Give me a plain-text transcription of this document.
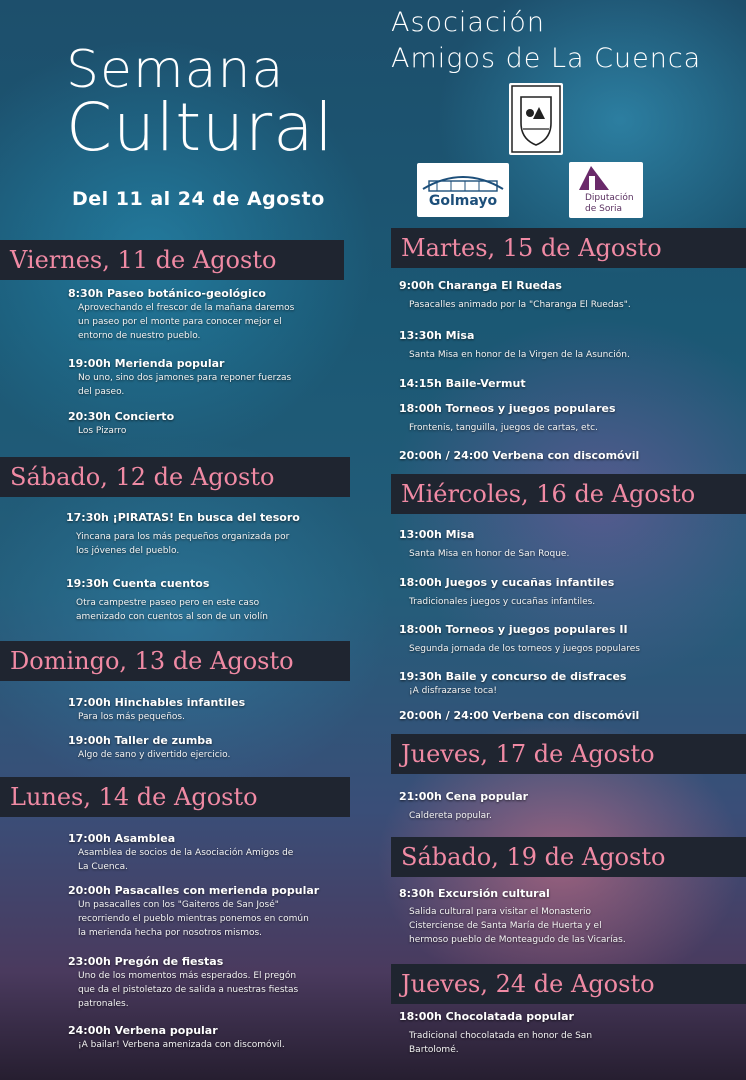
Semana
Cultural
Del 11 al 24 de Agosto
Asociación
Amigos de La Cuenca
Golmayo	Diputación
de Soria
Viernes, 11 de Agosto
8:30h Paseo botánico-geológico
Aprovechando el frescor de la mañana daremos
un paseo por el monte para conocer mejor el
entorno de nuestro pueblo.
19:00h Merienda popular
No uno, sino dos jamones para reponer fuerzas
del paseo.
20:30h Concierto
Los Pizarro
Sábado, 12 de Agosto
17:30h ¡PIRATAS! En busca del tesoro
Yincana para los más pequeños organizada por
los jóvenes del pueblo.
19:30h Cuenta cuentos
Otra campestre paseo pero en este caso
amenizado con cuentos al son de un violín
Domingo, 13 de Agosto
17:00h Hinchables infantiles
Para los más pequeños.
19:00h Taller de zumba
Algo de sano y divertido ejercicio.
Lunes, 14 de Agosto
17:00h Asamblea
Asamblea de socios de la Asociación Amigos de
La Cuenca.
20:00h Pasacalles con merienda popular
Un pasacalles con los "Gaiteros de San José"
recorriendo el pueblo mientras ponemos en común
la merienda hecha por nosotros mismos.
23:00h Pregón de fiestas
Uno de los momentos más esperados. El pregón
que da el pistoletazo de salida a nuestras fiestas
patronales.
24:00h Verbena popular
¡A bailar! Verbena amenizada con discomóvil.
Martes, 15 de Agosto
9:00h Charanga El Ruedas
Pasacalles animado por la "Charanga El Ruedas".
13:30h Misa
Santa Misa en honor de la Virgen de la Asunción.
14:15h Baile-Vermut
18:00h Torneos y juegos populares
Frontenis, tanguilla, juegos de cartas, etc.
20:00h / 24:00 Verbena con discomóvil
Miércoles, 16 de Agosto
13:00h Misa
Santa Misa en honor de San Roque.
18:00h Juegos y cucañas infantiles
Tradicionales juegos y cucañas infantiles.
18:00h Torneos y juegos populares II
Segunda jornada de los torneos y juegos populares
19:30h Baile y concurso de disfraces
¡A disfrazarse toca!
20:00h / 24:00 Verbena con discomóvil
Jueves, 17 de Agosto
21:00h Cena popular
Caldereta popular.
Sábado, 19 de Agosto
8:30h Excursión cultural
Salida cultural para visitar el Monasterio
Cisterciense de Santa María de Huerta y el
hermoso pueblo de Monteagudo de las Vicarías.
Jueves, 24 de Agosto
18:00h Chocolatada popular
Tradicional chocolatada en honor de San
Bartolomé.
